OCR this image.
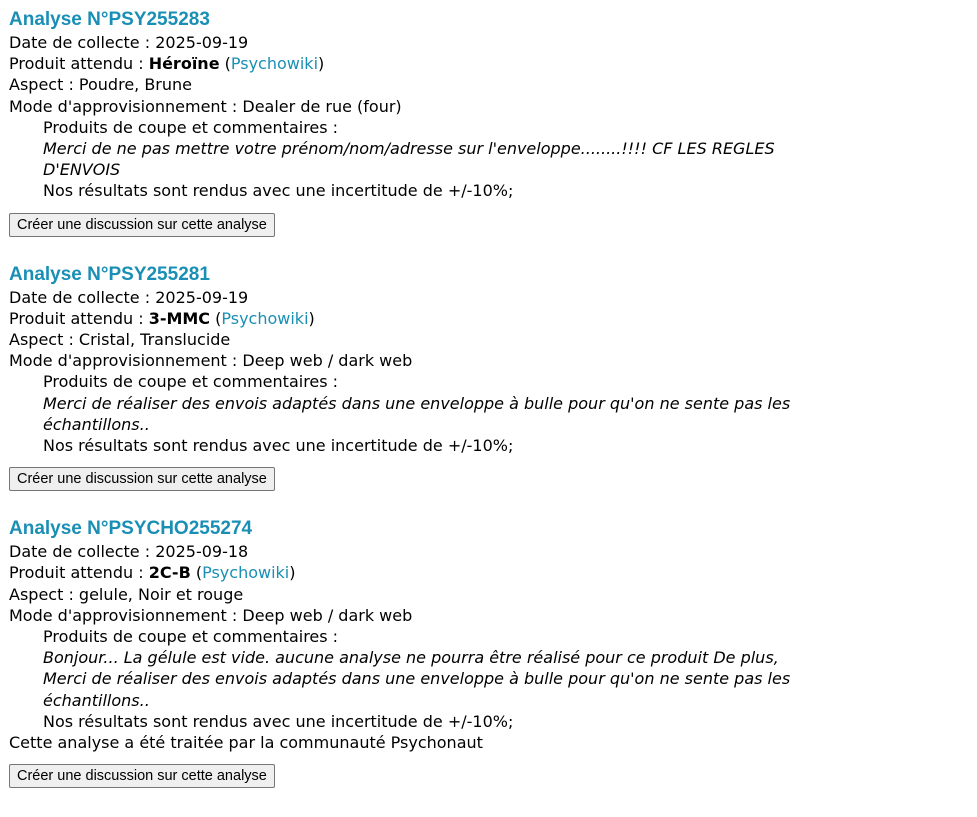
Analyse N°PSY255283
Date de collecte : 2025-09-19
Produit attendu : Héroïne (Psychowiki)
Aspect : Poudre, Brune
Mode d'approvisionnement : Dealer de rue (four)
Produits de coupe et commentaires :
Merci de ne pas mettre votre prénom/nom/adresse sur l'enveloppe........!!!! CF LES REGLES D'ENVOIS
Nos résultats sont rendus avec une incertitude de +/-10%;
Créer une discussion sur cette analyse
Analyse N°PSY255281
Date de collecte : 2025-09-19
Produit attendu : 3-MMC (Psychowiki)
Aspect : Cristal, Translucide
Mode d'approvisionnement : Deep web / dark web
Produits de coupe et commentaires :
Merci de réaliser des envois adaptés dans une enveloppe à bulle pour qu'on ne sente pas les échantillons..
Nos résultats sont rendus avec une incertitude de +/-10%;
Créer une discussion sur cette analyse
Analyse N°PSYCHO255274
Date de collecte : 2025-09-18
Produit attendu : 2C-B (Psychowiki)
Aspect : gelule, Noir et rouge
Mode d'approvisionnement : Deep web / dark web
Produits de coupe et commentaires :
Bonjour... La gélule est vide. aucune analyse ne pourra être réalisé pour ce produit De plus, Merci de réaliser des envois adaptés dans une enveloppe à bulle pour qu'on ne sente pas les échantillons..
Nos résultats sont rendus avec une incertitude de +/-10%;
Cette analyse a été traitée par la communauté Psychonaut
Créer une discussion sur cette analyse
